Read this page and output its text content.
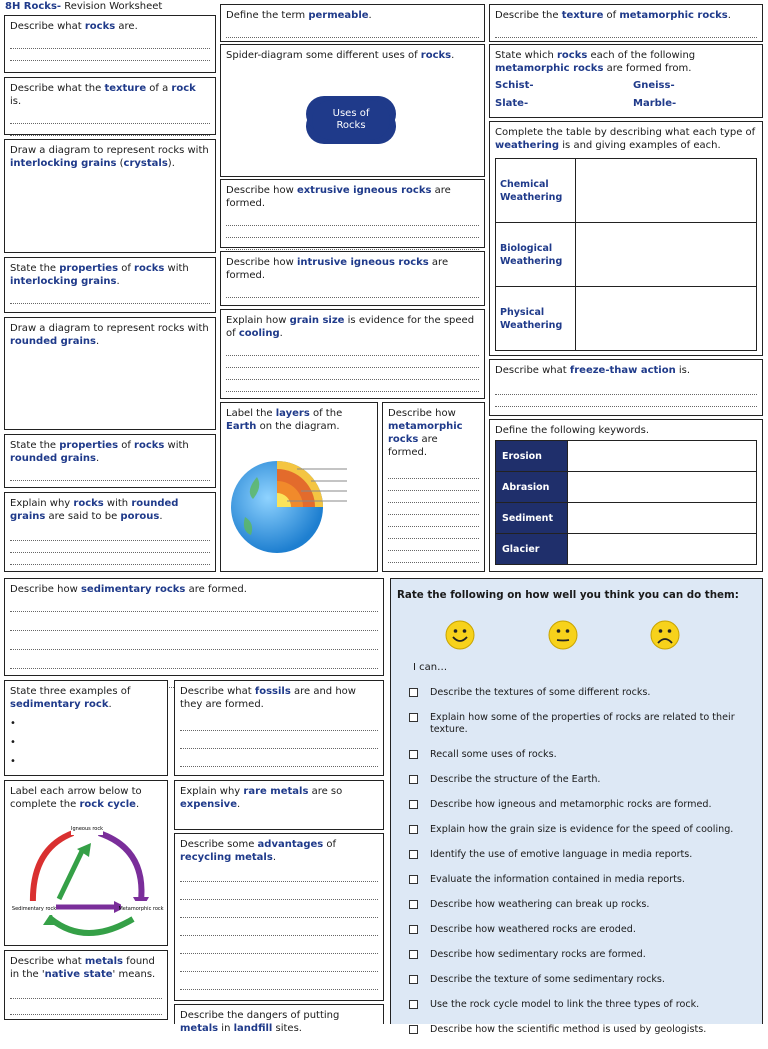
8H Rocks- Revision Worksheet
Describe what rocks are.
Describe what the texture of a rock is.
Draw a diagram to represent rocks with interlocking grains (crystals).
State the properties of rocks with interlocking grains.
Draw a diagram to represent rocks with rounded grains.
State the properties of rocks with rounded grains.
Explain why rocks with rounded grains are said to be porous.
Define the term permeable.
Spider-diagram some different uses of rocks.
Uses of Rocks
Describe how extrusive igneous rocks are formed.
Describe how intrusive igneous rocks are formed.
Explain how grain size is evidence for the speed of cooling.
Label the layers of the Earth on the diagram.
Describe how metamorphic rocks are formed.
Describe the texture of metamorphic rocks.
State which rocks each of the following metamorphic rocks are formed from.
Schist-	Gneiss-
Slate-	Marble-
Complete the table by describing what each type of weathering is and giving examples of each.
Chemical Weathering	
Biological Weathering	
Physical Weathering	
Describe what freeze-thaw action is.
Define the following keywords.
Erosion	
Abrasion	
Sediment	
Glacier	
Describe how sedimentary rocks are formed.
State three examples of sedimentary rock.
•
•
•
Describe what fossils are and how they are formed.
Label each arrow below to complete the rock cycle.
Igneous rock
Sedimentary rock	Metamorphic rock
Explain why rare metals are so expensive.
Describe some advantages of recycling metals.
Describe what metals found in the 'native state' means.
Describe the dangers of putting metals in landfill sites.
Rate the following on how well you think you can do them:
I can…
Describe the textures of some different rocks.
Explain how some of the properties of rocks are related to their texture.
Recall some uses of rocks.
Describe the structure of the Earth.
Describe how igneous and metamorphic rocks are formed.
Explain how the grain size is evidence for the speed of cooling.
Identify the use of emotive language in media reports.
Evaluate the information contained in media reports.
Describe how weathering can break up rocks.
Describe how weathered rocks are eroded.
Describe how sedimentary rocks are formed.
Describe the texture of some sedimentary rocks.
Use the rock cycle model to link the three types of rock.
Describe how the scientific method is used by geologists.
